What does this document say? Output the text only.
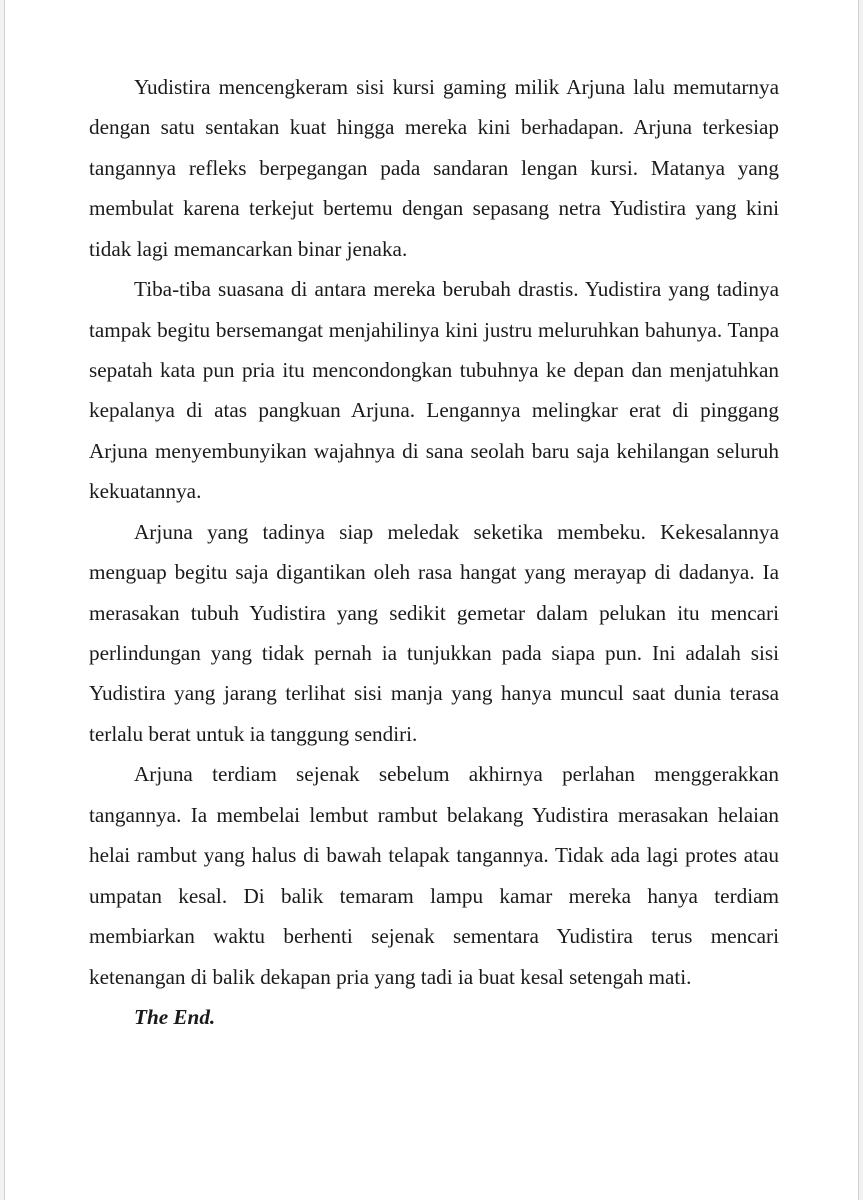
Yudistira mencengkeram sisi kursi gaming milik Arjuna lalu memutarnya dengan satu sentakan kuat hingga mereka kini berhadapan. Arjuna terkesiap tangannya refleks berpegangan pada sandaran lengan kursi. Matanya yang membulat karena terkejut bertemu dengan sepasang netra Yudistira yang kini tidak lagi memancarkan binar jenaka.

Tiba-tiba suasana di antara mereka berubah drastis. Yudistira yang tadinya tampak begitu bersemangat menjahilinya kini justru meluruhkan bahunya. Tanpa sepatah kata pun pria itu mencondongkan tubuhnya ke depan dan menjatuhkan kepalanya di atas pangkuan Arjuna. Lengannya melingkar erat di pinggang Arjuna menyembunyikan wajahnya di sana seolah baru saja kehilangan seluruh kekuatannya.

Arjuna yang tadinya siap meledak seketika membeku. Kekesalannya menguap begitu saja digantikan oleh rasa hangat yang merayap di dadanya. Ia merasakan tubuh Yudistira yang sedikit gemetar dalam pelukan itu mencari perlindungan yang tidak pernah ia tunjukkan pada siapa pun. Ini adalah sisi Yudistira yang jarang terlihat sisi manja yang hanya muncul saat dunia terasa terlalu berat untuk ia tanggung sendiri.

Arjuna terdiam sejenak sebelum akhirnya perlahan menggerakkan tangannya. Ia membelai lembut rambut belakang Yudistira merasakan helaian helai rambut yang halus di bawah telapak tangannya. Tidak ada lagi protes atau umpatan kesal. Di balik temaram lampu kamar mereka hanya terdiam membiarkan waktu berhenti sejenak sementara Yudistira terus mencari ketenangan di balik dekapan pria yang tadi ia buat kesal setengah mati.

The End.
